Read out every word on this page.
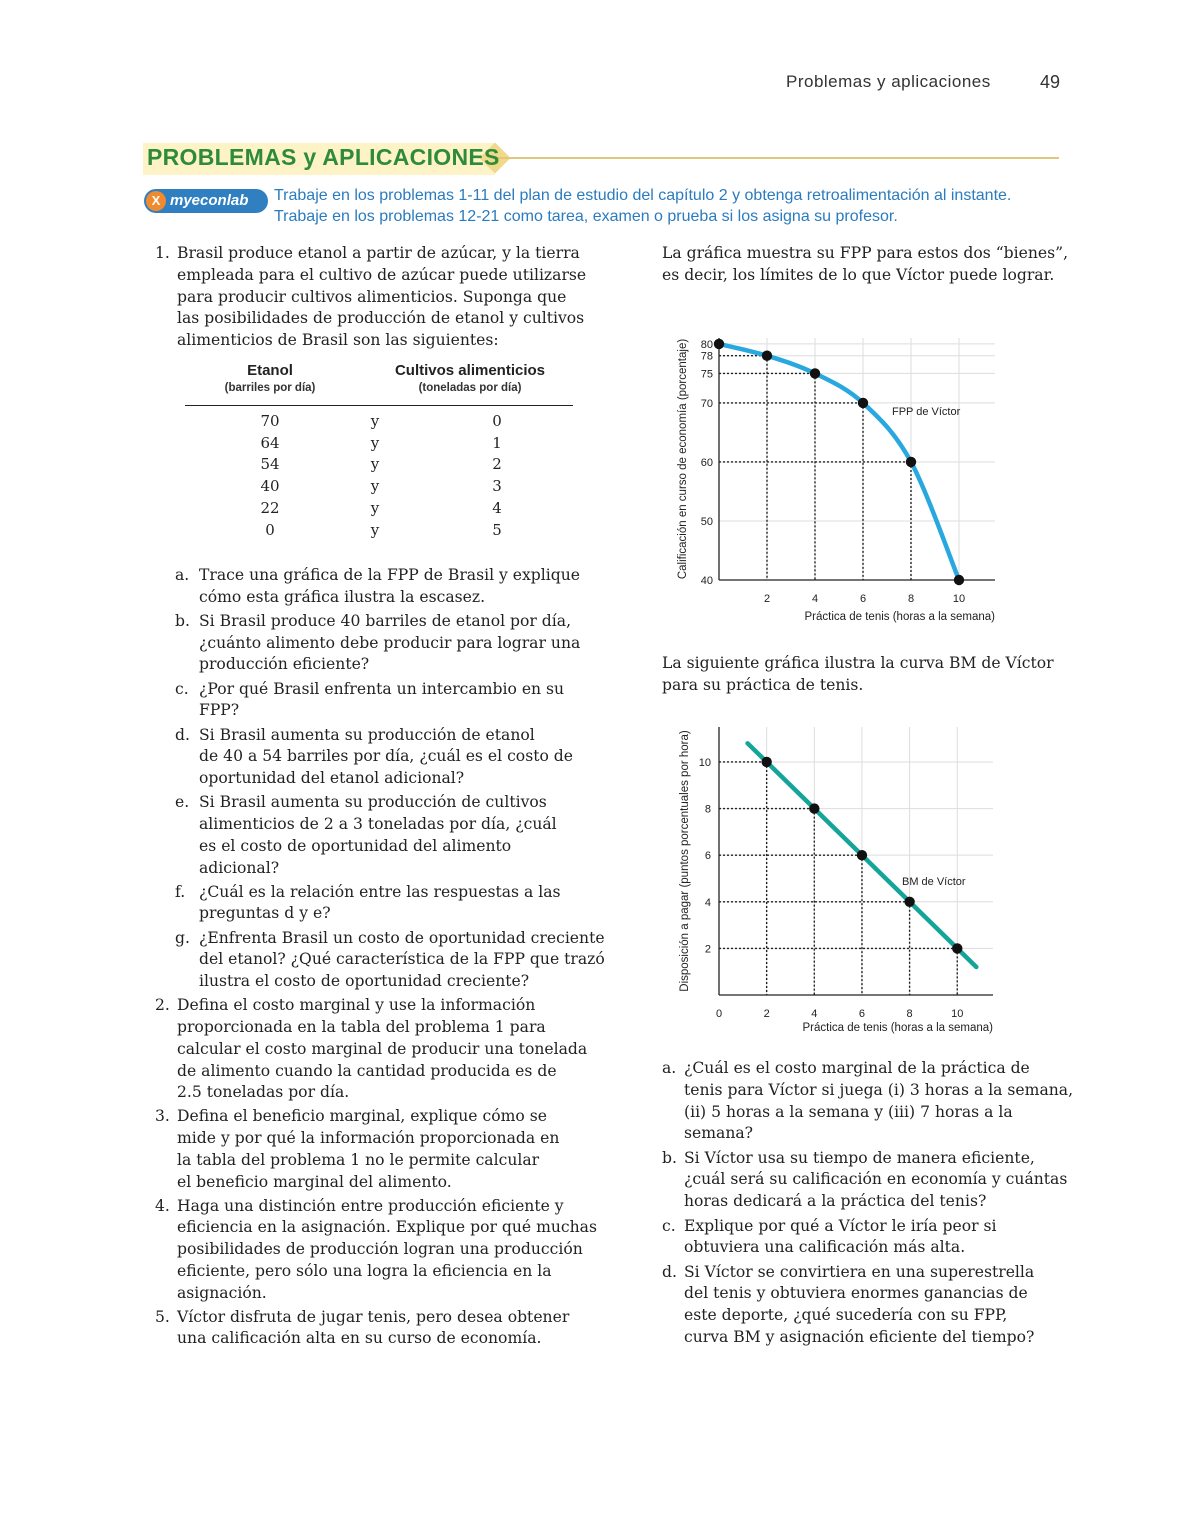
Problemas y aplicaciones	49
PROBLEMAS y APLICACIONES
X myeconlab Trabaje en los problemas 1-11 del plan de estudio del capítulo 2 y obtenga retroalimentación al instante.
Trabaje en los problemas 12-21 como tarea, examen o prueba si los asigna su profesor.
1. Brasil produce etanol a partir de azúcar, y la tierra
empleada para el cultivo de azúcar puede utilizarse
para producir cultivos alimenticios. Suponga que
las posibilidades de producción de etanol y cultivos
alimenticios de Brasil son las siguientes:
a. Trace una gráfica de la FPP de Brasil y explique
cómo esta gráfica ilustra la escasez.
b. Si Brasil produce 40 barriles de etanol por día,
¿cuánto alimento debe producir para lograr una
producción eficiente?
c. ¿Por qué Brasil enfrenta un intercambio en su
FPP?
d. Si Brasil aumenta su producción de etanol
de 40 a 54 barriles por día, ¿cuál es el costo de
oportunidad del etanol adicional?
e. Si Brasil aumenta su producción de cultivos
alimenticios de 2 a 3 toneladas por día, ¿cuál
es el costo de oportunidad del alimento
adicional?
f. ¿Cuál es la relación entre las respuestas a las
preguntas d y e?
g. ¿Enfrenta Brasil un costo de oportunidad creciente
del etanol? ¿Qué característica de la FPP que trazó
ilustra el costo de oportunidad creciente?
2. Defina el costo marginal y use la información
proporcionada en la tabla del problema 1 para
calcular el costo marginal de producir una tonelada
de alimento cuando la cantidad producida es de
2.5 toneladas por día.
3. Defina el beneficio marginal, explique cómo se
mide y por qué la información proporcionada en
la tabla del problema 1 no le permite calcular
el beneficio marginal del alimento.
4. Haga una distinción entre producción eficiente y
eficiencia en la asignación. Explique por qué muchas
posibilidades de producción logran una producción
eficiente, pero sólo una logra la eficiencia en la
asignación.
5. Víctor disfruta de jugar tenis, pero desea obtener
una calificación alta en su curso de economía.
Etanol
(barriles por día)
Cultivos alimenticios
(toneladas por día)
70	y	0
64	y	1
54	y	2
40	y	3
22	y	4
0	y	5
La gráfica muestra su FPP para estos dos “bienes”,
es decir, los límites de lo que Víctor puede lograr.
La siguiente gráfica ilustra la curva BM de Víctor
para su práctica de tenis.
a. ¿Cuál es el costo marginal de la práctica de
tenis para Víctor si juega (i) 3 horas a la semana,
(ii) 5 horas a la semana y (iii) 7 horas a la
semana?
b. Si Víctor usa su tiempo de manera eficiente,
¿cuál será su calificación en economía y cuántas
horas dedicará a la práctica del tenis?
c. Explique por qué a Víctor le iría peor si
obtuviera una calificación más alta.
d. Si Víctor se convirtiera en una superestrella
del tenis y obtuviera enormes ganancias de
este deporte, ¿qué sucedería con su FPP,
curva BM y asignación eficiente del tiempo?
2	4	6	8	10
40
50
60
70
75
78
80
FPP de Víctor
Práctica de tenis (horas a la semana)
Calificación en curso de economía (porcentaje)
0	2	4	6	8	10
2
4
6
8
10
BM de Víctor
Práctica de tenis (horas a la semana)
Disposición a pagar (puntos porcentuales por hora)
